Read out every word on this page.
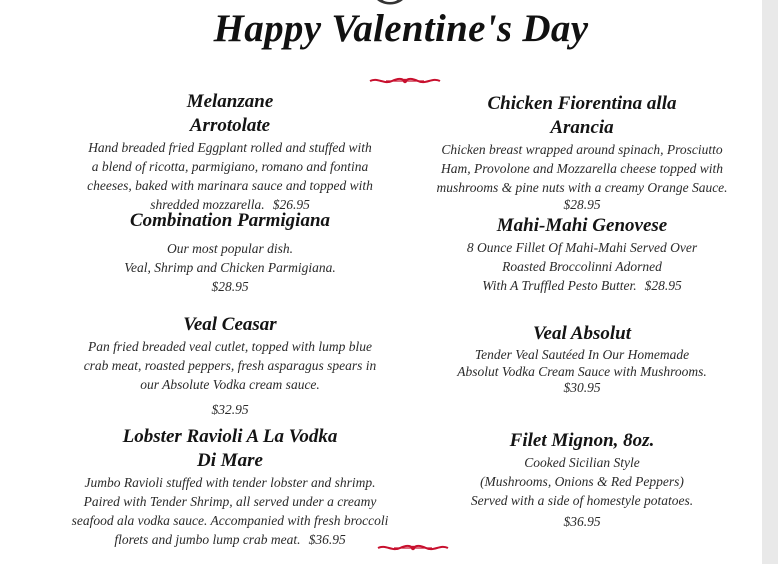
Happy Valentine's Day
Melanzane
Arrotolate
Hand breaded fried Eggplant rolled and stuffed with
a blend of ricotta, parmigiano, romano and fontina
cheeses, baked with marinara sauce and topped with
shredded mozzarella. $26.95
Combination Parmigiana
Our most popular dish.
Veal, Shrimp and Chicken Parmigiana.
$28.95
Veal Ceasar
Pan fried breaded veal cutlet, topped with lump blue
crab meat, roasted peppers, fresh asparagus spears in
our Absolute Vodka cream sauce.
$32.95
Lobster Ravioli A La Vodka
Di Mare
Jumbo Ravioli stuffed with tender lobster and shrimp.
Paired with Tender Shrimp, all served under a creamy
seafood ala vodka sauce. Accompanied with fresh broccoli
florets and jumbo lump crab meat. $36.95
Chicken Fiorentina alla
Arancia
Chicken breast wrapped around spinach, Prosciutto
Ham, Provolone and Mozzarella cheese topped with
mushrooms & pine nuts with a creamy Orange Sauce.
$28.95
Mahi-Mahi Genovese
8 Ounce Fillet Of Mahi-Mahi Served Over
Roasted Broccolinni Adorned
With A Truffled Pesto Butter. $28.95
Veal Absolut
Tender Veal Sautéed In Our Homemade
Absolut Vodka Cream Sauce with Mushrooms.
$30.95
Filet Mignon, 8oz.
Cooked Sicilian Style
(Mushrooms, Onions & Red Peppers)
Served with a side of homestyle potatoes.
$36.95
